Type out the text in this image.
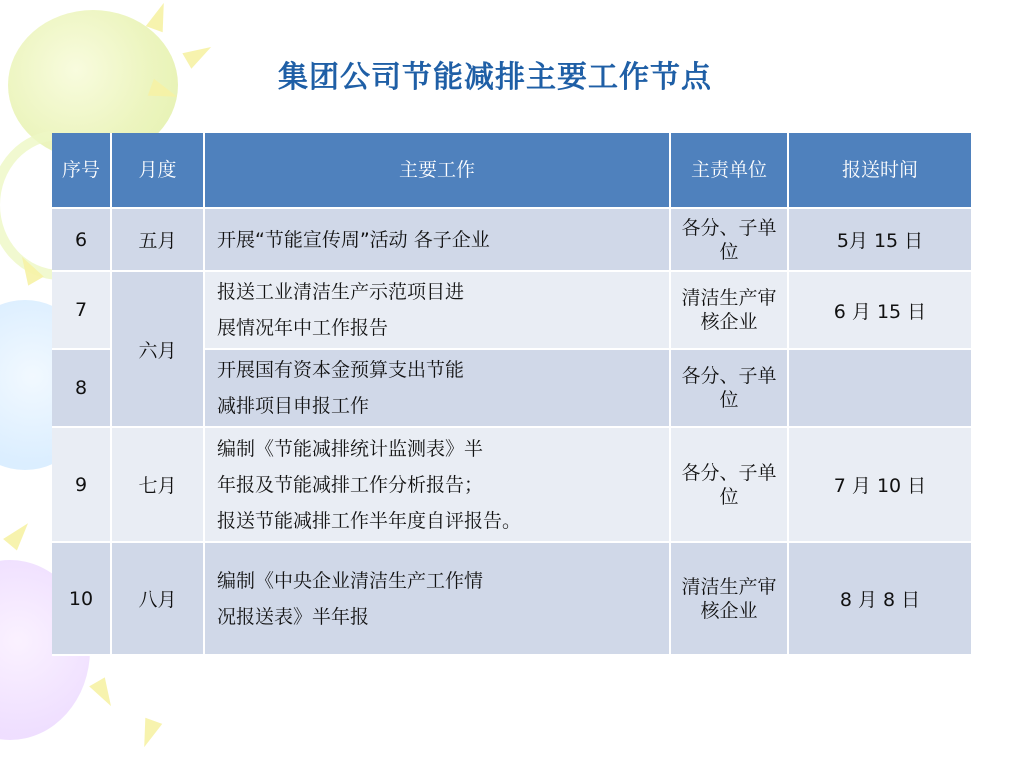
集团公司节能减排主要工作节点
序号	月度	主要工作	主责单位	报送时间
6	五月	开展“节能宣传周”活动 各子企业	各分、子单位	5月 15 日
7	六月	报送工业清洁生产示范项目进
展情况年中工作报告	清洁生产审核企业	6 月 15 日
8		开展国有资本金预算支出节能
减排项目申报工作	各分、子单位	
9	七月	编制《节能减排统计监测表》半
年报及节能减排工作分析报告；
报送节能减排工作半年度自评报告。	各分、子单位	7 月 10 日
10	八月	编制《中央企业清洁生产工作情
况报送表》半年报	清洁生产审核企业	8 月 8 日
